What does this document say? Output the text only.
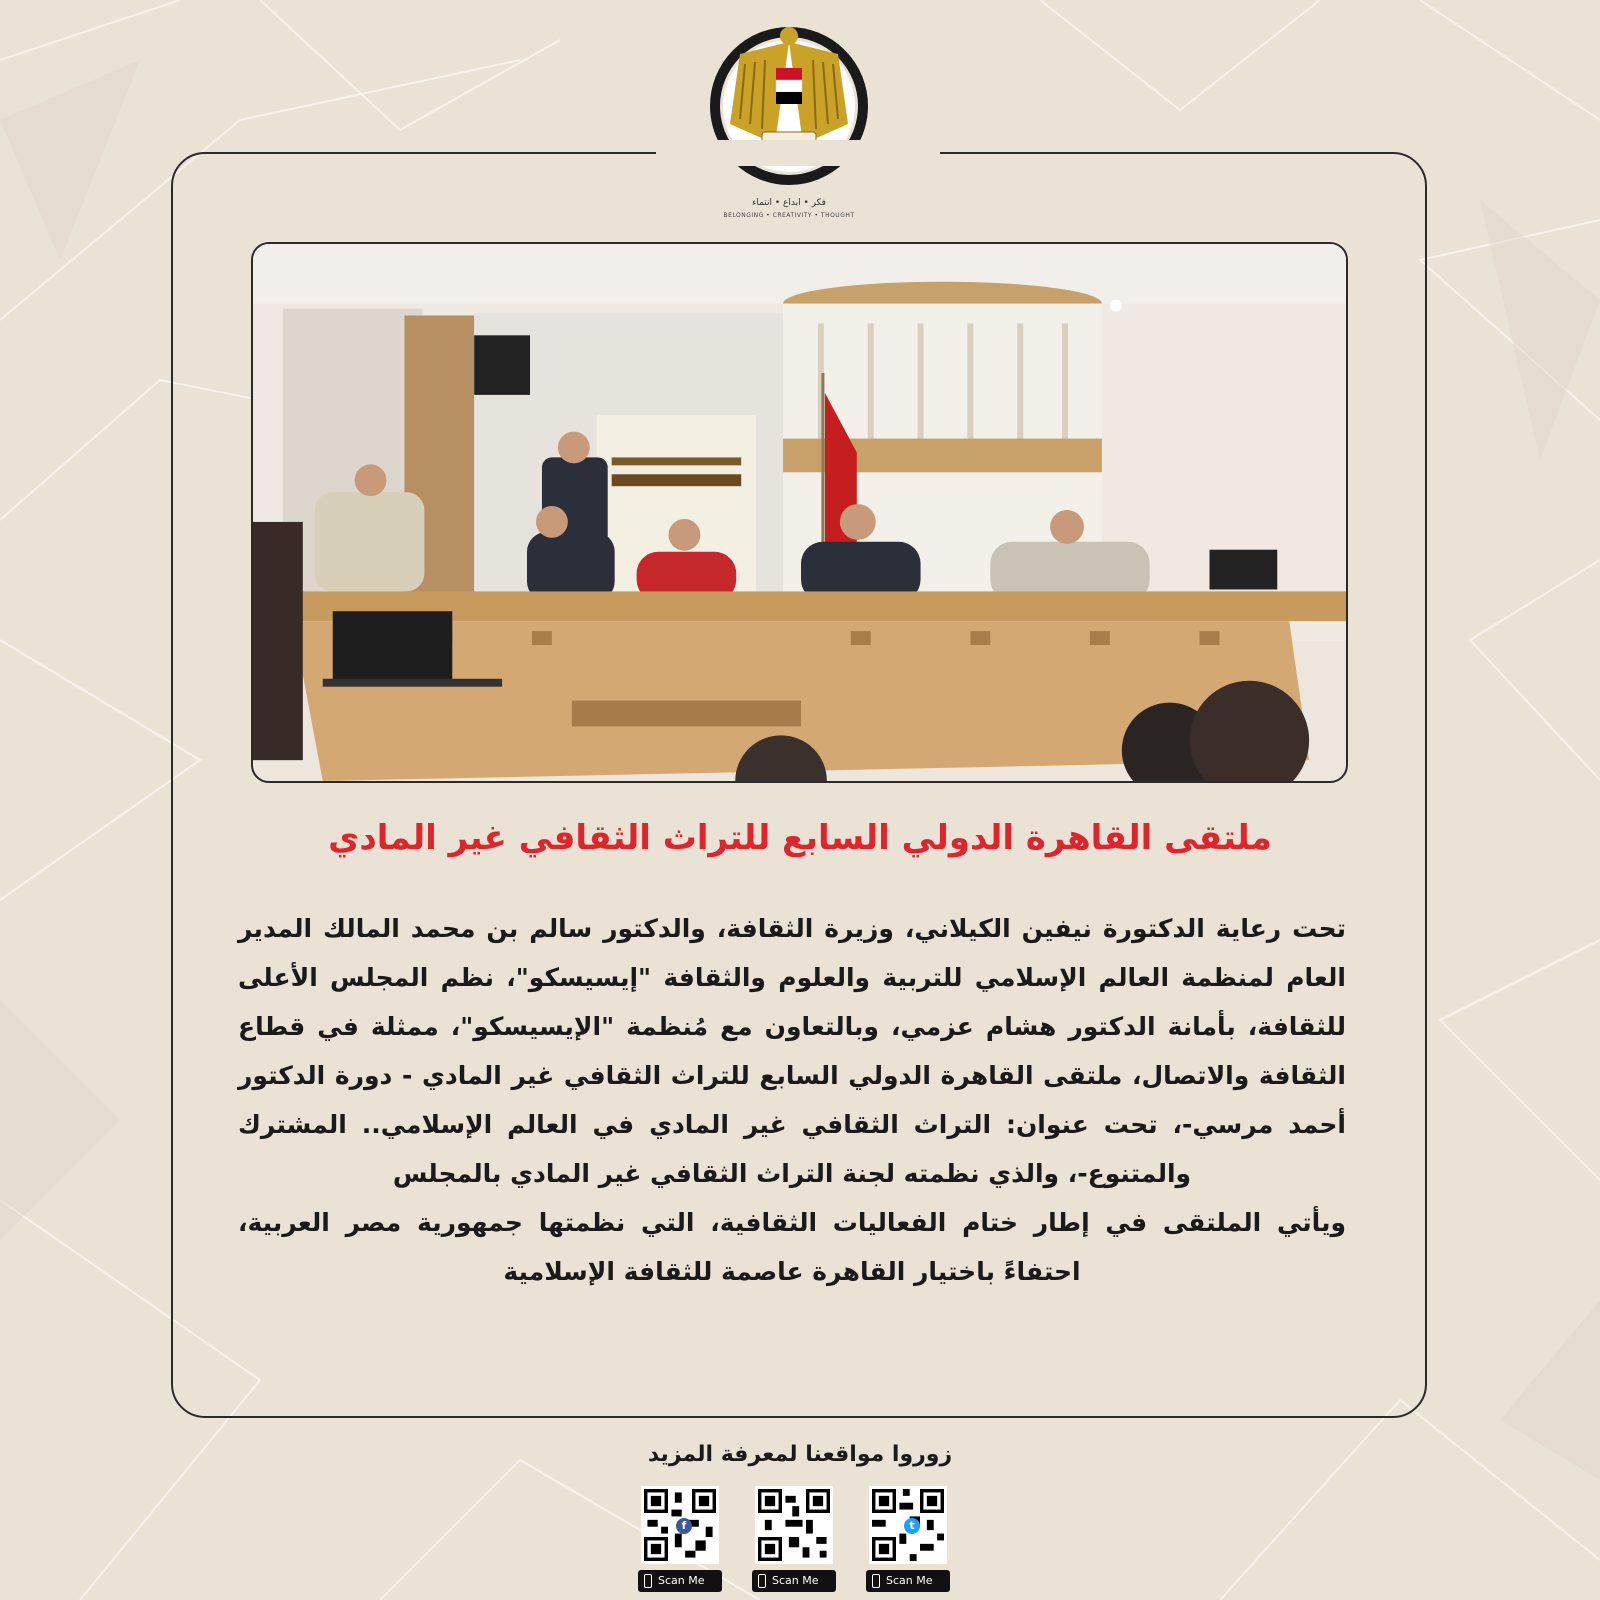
فكر • ابداع • انتماء
BELONGING • CREATIVITY • THOUGHT
ملتقى القاهرة الدولي السابع للتراث الثقافي غير المادي

تحت رعاية الدكتورة نيفين الكيلاني، وزيرة الثقافة، والدكتور سالم بن محمد المالك المدير العام لمنظمة العالم الإسلامي للتربية والعلوم والثقافة "إيسيسكو"، نظم المجلس الأعلى للثقافة، بأمانة الدكتور هشام عزمي، وبالتعاون مع مُنظمة "الإيسيسكو"، ممثلة في قطاع الثقافة والاتصال، ملتقى القاهرة الدولي السابع للتراث الثقافي غير المادي - دورة الدكتور أحمد مرسي-، تحت عنوان: التراث الثقافي غير المادي في العالم الإسلامي.. المشترك والمتنوع-، والذي نظمته لجنة التراث الثقافي غير المادي بالمجلس

ويأتي الملتقى في إطار ختام الفعاليات الثقافية، التي نظمتها جمهورية مصر العربية، احتفاءً باختيار القاهرة عاصمة للثقافة الإسلامية

زوروا مواقعنا لمعرفة المزيد
f
Scan Me	Scan Me
t
Scan Me
